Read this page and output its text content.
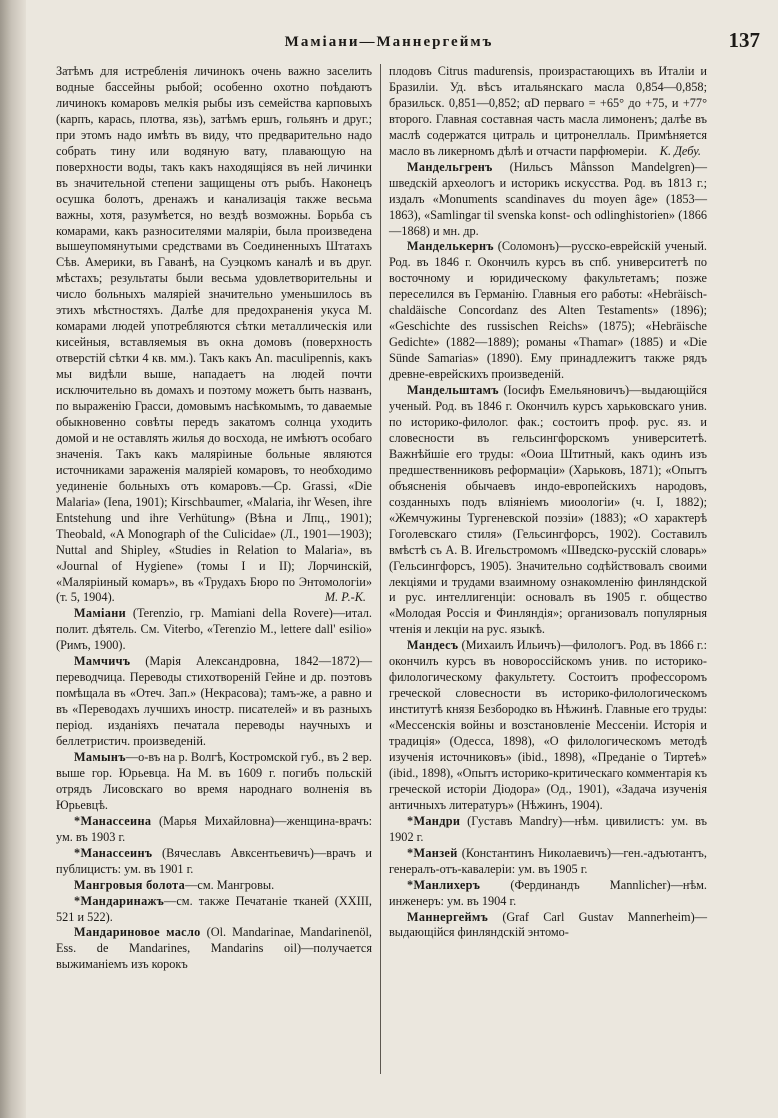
Мамiани—Маннергеймъ	137

Затѣмъ для истребленія личинокъ очень важно заселить водные бассейны рыбой; особенно охотно поѣдаютъ личинокъ комаровъ мелкія рыбы изъ семейства карповыхъ (карпъ, карась, плотва, язь), затѣмъ ершъ, гольянъ и друг.; при этомъ надо имѣть въ виду, что предварительно надо собрать тину или водяную вату, плавающую на поверхности воды, такъ какъ находящіяся въ ней личинки въ значительной степени защищены отъ рыбъ. Наконецъ осушка болотъ, дренажъ и канализація также весьма важны, хотя, разумѣется, но вездѣ возможны. Борьба съ комарами, какъ разносителями маляріи, была произведена вышеупомянутыми средствами въ Соединенныхъ Штатахъ Сѣв. Америки, въ Гаванѣ, на Суэцкомъ каналѣ и въ друг. мѣстахъ; результаты были весьма удовлетворительны и число больныхъ маляріей значительно уменьшилось въ этихъ мѣстностяхъ. Далѣе для предохраненія укуса М. комарами людей употребляются сѣтки металлическія или кисейныя, вставляемыя въ окна домовъ (поверхность отверстій сѣтки 4 кв. мм.). Такъ какъ An. maculipennis, какъ мы видѣли выше, нападаетъ на людей почти исключительно въ домахъ и поэтому можетъ быть названъ, по выраженію Грасси, домовымъ насѣкомымъ, то даваемые обыкновенно совѣты передъ закатомъ солнца уходить домой и не оставлять жилья до восхода, не имѣютъ особаго значенія. Такъ какъ маляріиные больные являются источниками зараженія маляріей комаровъ, то необходимо уединеніе больныхъ отъ комаровъ.—Ср. Grassi, «Die Malaria» (Iena, 1901); Kirschbaumer, «Malaria, ihr Wesen, ihre Entstehung und ihre Verhütung» (Вѣна и Лпц., 1901); Theobald, «A Monograph of the Culicidae» (Л., 1901—1903); Nuttal and Shipley, «Studies in Relation to Malaria», въ «Journal of Hygiene» (томы I и II); Лорчинскій, «Маляріиный комаръ», въ «Трудахъ Бюро по Энтомологіи» (т. 5, 1904).	М. Р.-К.

Мамiани (Terenzio, гр. Mamiani della Rovere)—итал. полит. дѣятель. См. Viterbo, «Terenzio M., lettere dall' esilio» (Римъ, 1900).

Мамчичъ (Марія Александровна, 1842—1872)—переводчица. Переводы стихотвореній Гейне и др. поэтовъ помѣщала въ «Отеч. Зап.» (Некрасова); тамъ-же, а равно и въ «Переводахъ лучшихъ иностр. писателей» и въ разныхъ період. изданіяхъ печатала переводы научныхъ и беллетристич. произведеній.

Мамынъ—о-въ на р. Волгѣ, Костромской губ., въ 2 вер. выше гор. Юрьевца. На М. въ 1609 г. погибъ польскій отрядъ Лисовскаго во время народнаго волненія въ Юрьевцѣ.

*Манассеина (Марья Михайловна)—женщина-врачъ: ум. въ 1903 г.

*Манассеинъ (Вячеславъ Авксентьевичъ)—врачъ и публицистъ: ум. въ 1901 г.

Мангровыя болота—см. Мангровы.

*Мандаринажъ—см. также Печатаніе тканей (XXIII, 521 и 522).

Мандариновое масло (Ol. Mandarinae, Mandarinenöl, Ess. de Mandarines, Mandarins oil)—получается выжиманіемъ изъ корокъ

плодовъ Citrus madurensis, произрастающихъ въ Италіи и Бразиліи. Уд. вѣсъ итальянскаго масла 0,854—0,858; бразильск. 0,851—0,852; αD перваго = +65° до +75, и +77° второго. Главная составная часть масла лимоненъ; далѣе въ маслѣ содержатся цитраль и цитронеллаль. Примѣняется масло въ ликерномъ дѣлѣ и отчасти парфюмеріи. К. Дебу.

Мандельгренъ (Нильсъ Månsson Mandelgren)—шведскій археологъ и историкъ искусства. Род. въ 1813 г.; издалъ «Monuments scandinaves du moyen âge» (1853—1863), «Samlingar til svenska konst- och odlinghistorien» (1866—1868) и мн. др.

Манделькернъ (Соломонъ)—русско-еврейскій ученый. Род. въ 1846 г. Окончилъ курсъ въ спб. университетѣ по восточному и юридическому факультетамъ; позже переселился въ Германію. Главныя его работы: «Hebräisch-chaldäische Concordanz des Alten Testaments» (1896); «Geschichte des russischen Reichs» (1875); «Hebräische Gedichte» (1882—1889); романы «Thamar» (1885) и «Die Sünde Samarias» (1890). Ему принадлежитъ также рядъ древне-еврейскихъ произведеній.

Мандельштамъ (Іосифъ Емельяновичъ)—выдающійся ученый. Род. въ 1846 г. Окончилъ курсъ харьковскаго унив. по историко-филолог. фак.; состоитъ проф. рус. яз. и словесности въ гельсингфорскомъ университетѣ. Важнѣйшіе его труды: «Ооиа Штитный, какъ одинъ изъ предшественниковъ реформаціи» (Харьковъ, 1871); «Опытъ объясненія обычаевъ индо-европейскихъ народовъ, созданныхъ подъ вліяніемъ миоологіи» (ч. I, 1882); «Жемчужины Тургеневской поэзіи» (1883); «О характерѣ Гоголевскаго стиля» (Гельсингфорсъ, 1902). Составилъ вмѣстѣ съ А. В. Игельстромомъ «Шведско-русскій словарь» (Гельсингфорсъ, 1905). Значительно содѣйствовалъ своими лекціями и трудами взаимному ознакомленію финляндской и рус. интеллигенціи: основалъ въ 1905 г. общество «Молодая Россія и Финляндія»; организовалъ популярныя чтенія и лекціи на рус. языкѣ.

Мандесъ (Михаилъ Ильичъ)—филологъ. Род. въ 1866 г.: окончилъ курсъ въ новороссійскомъ унив. по историко-филологическому факультету. Состоитъ профессоромъ греческой словесности въ историко-филологическомъ институтѣ князя Безбородко въ Нѣжинѣ. Главные его труды: «Мессенскія войны и возстановленіе Мессеніи. Исторія и традиція» (Одесса, 1898), «О филологическомъ методѣ изученія источниковъ» (ibid., 1898), «Преданіе о Тиртеѣ» (ibid., 1898), «Опытъ историко-критическаго комментарія къ греческой исторіи Діодора» (Од., 1901), «Задача изученія античныхъ литературъ» (Нѣжинъ, 1904).

*Мандри (Густавъ Mandry)—нѣм. цивилистъ: ум. въ 1902 г.

*Манзей (Константинъ Николаевичъ)—ген.-адъютантъ, генералъ-отъ-кавалеріи: ум. въ 1905 г.

*Манлихеръ (Фердинандъ Mannlicher)—нѣм. инженеръ: ум. въ 1904 г.

Маннергеймъ (Graf Carl Gustav Mannerheim)—выдающійся финляндскій энтомо-
